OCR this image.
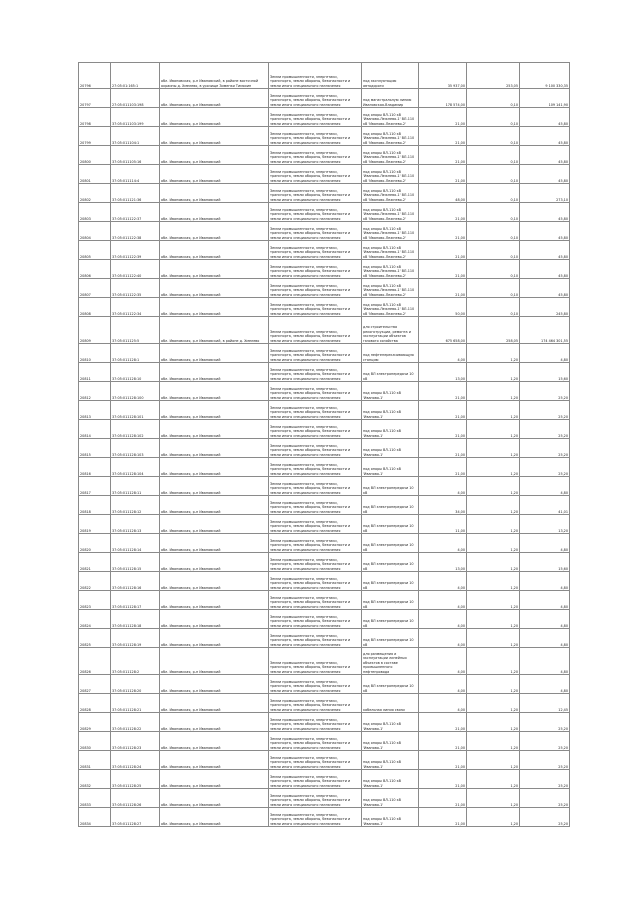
20796	27:05:01:165:1	обл. Ивановская, р-н Ивановский, в районе восточной окраины д. Хмелево, в урочище Зименки Тимохин	Земли промышленности, энергетики, транспорта, земли обороны, безопасности и земли иного специального назначения	под эксплуатацию автодороги	35 937,00	253,05	9 100 330,35
20797	27:05:011103:198	обл. Ивановская, р-н Ивановский	Земли промышленности, энергетики, транспорта, земли обороны, безопасности и земли иного специального назначения	под магистральную линию Ивановская-Владимир	178 574,00	0,10	109 141,90
20798	37:05:011103:199	обл. Ивановская, р-н Ивановский	Земли промышленности, энергетики, транспорта, земли обороны, безопасности и земли иного специального назначения	под опоры ВЛ-110 кВ 'Иваново-Лежнево-1' ВЛ-110 кВ 'Иваново-Лежнево-2'	21,00	0,10	45,80
20799	37:05:011104:1	обл. Ивановская, р-н Ивановский	Земли промышленности, энергетики, транспорта, земли обороны, безопасности и земли иного специального назначения	под опоры ВЛ-110 кВ 'Иваново-Лежнево-1' ВЛ-110 кВ 'Иваново-Лежнево-2'	21,00	0,10	45,80
20800	37:05:011105:16	обл. Ивановская, р-н Ивановский	Земли промышленности, энергетики, транспорта, земли обороны, безопасности и земли иного специального назначения	под опоры ВЛ-110 кВ 'Иваново-Лежнево-1' ВЛ-110 кВ 'Иваново-Лежнево-2'	21,00	0,10	45,80
20801	37:05:011114:4	обл. Ивановская, р-н Ивановский	Земли промышленности, энергетики, транспорта, земли обороны, безопасности и земли иного специального назначения	под опоры ВЛ-110 кВ 'Иваново-Лежнево-1' ВЛ-110 кВ 'Иваново-Лежнево-2'	21,00	0,10	45,80
20802	37:05:011121:36	обл. Ивановская, р-н Ивановский	Земли промышленности, энергетики, транспорта, земли обороны, безопасности и земли иного специального назначения	под опоры ВЛ-110 кВ 'Иваново-Лежнево-1' ВЛ-110 кВ 'Иваново-Лежнево-2'	48,00	0,10	273,10
20803	37:05:011122:37	обл. Ивановская, р-н Ивановский	Земли промышленности, энергетики, транспорта, земли обороны, безопасности и земли иного специального назначения	под опоры ВЛ-110 кВ 'Иваново-Лежнево-1' ВЛ-110 кВ 'Иваново-Лежнево-2'	21,00	0,10	45,80
20804	37:05:011122:38	обл. Ивановская, р-н Ивановский	Земли промышленности, энергетики, транспорта, земли обороны, безопасности и земли иного специального назначения	под опоры ВЛ-110 кВ 'Иваново-Лежнево-1' ВЛ-110 кВ 'Иваново-Лежнево-2'	21,00	0,10	45,80
20805	37:05:011122:39	обл. Ивановская, р-н Ивановский	Земли промышленности, энергетики, транспорта, земли обороны, безопасности и земли иного специального назначения	под опоры ВЛ-110 кВ 'Иваново-Лежнево-1' ВЛ-110 кВ 'Иваново-Лежнево-2'	21,00	0,10	45,80
20806	37:05:011122:40	обл. Ивановская, р-н Ивановский	Земли промышленности, энергетики, транспорта, земли обороны, безопасности и земли иного специального назначения	под опоры ВЛ-110 кВ 'Иваново-Лежнево-1' ВЛ-110 кВ 'Иваново-Лежнево-2'	21,00	0,10	45,80
20807	37:05:011122:35	обл. Ивановская, р-н Ивановский	Земли промышленности, энергетики, транспорта, земли обороны, безопасности и земли иного специального назначения	под опоры ВЛ-110 кВ 'Иваново-Лежнево-1' ВЛ-110 кВ 'Иваново-Лежнево-2'	21,00	0,10	45,80
20808	37:05:011122:34	обл. Ивановская, р-н Ивановский	Земли промышленности, энергетики, транспорта, земли обороны, безопасности и земли иного специального назначения	под опоры ВЛ-110 кВ 'Иваново-Лежнево-1' ВЛ-110 кВ 'Иваново-Лежнево-2'	50,00	0,10	245,80
20809	37:05:011125:5	обл. Ивановская, р-н Ивановский, в районе д. Хмелево	Земли промышленности, энергетики, транспорта, земли обороны, безопасности и земли иного специального назначения	для строительства реконструкции, ремонта и эксплуатации объектов газового хозяйства	675 658,00	258,05	174 464 301,55
20810	37:05:011128:1	обл. Ивановская, р-н Ивановский	Земли промышленности, энергетики, транспорта, земли обороны, безопасности и земли иного специального назначения	под нефтеперекачивающую станцию	4,00	1,20	4,80
20811	37:05:011128:10	обл. Ивановская, р-н Ивановский	Земли промышленности, энергетики, транспорта, земли обороны, безопасности и земли иного специального назначения	под ВЛ электропередачи 10 кВ	13,00	1,20	15,60
20812	37:05:011128:100	обл. Ивановская, р-н Ивановский	Земли промышленности, энергетики, транспорта, земли обороны, безопасности и земли иного специального назначения	под опоры ВЛ-110 кВ 'Иваново-1'	21,00	1,20	25,20
20813	37:05:011128:101	обл. Ивановская, р-н Ивановский	Земли промышленности, энергетики, транспорта, земли обороны, безопасности и земли иного специального назначения	под опоры ВЛ-110 кВ 'Иваново-1'	21,00	1,20	25,20
20814	37:05:011128:102	обл. Ивановская, р-н Ивановский	Земли промышленности, энергетики, транспорта, земли обороны, безопасности и земли иного специального назначения	под опоры ВЛ-110 кВ 'Иваново-1'	21,00	1,20	25,20
20815	37:05:011128:103	обл. Ивановская, р-н Ивановский	Земли промышленности, энергетики, транспорта, земли обороны, безопасности и земли иного специального назначения	под опоры ВЛ-110 кВ 'Иваново-1'	21,00	1,20	25,20
20816	37:05:011128:104	обл. Ивановская, р-н Ивановский	Земли промышленности, энергетики, транспорта, земли обороны, безопасности и земли иного специального назначения	под опоры ВЛ-110 кВ 'Иваново-1'	21,00	1,20	25,20
20817	37:05:011128:11	обл. Ивановская, р-н Ивановский	Земли промышленности, энергетики, транспорта, земли обороны, безопасности и земли иного специального назначения	под ВЛ электропередачи 10 кВ	4,00	1,20	4,80
20818	37:05:011128:12	обл. Ивановская, р-н Ивановский	Земли промышленности, энергетики, транспорта, земли обороны, безопасности и земли иного специального назначения	под ВЛ электропередачи 10 кВ	34,00	1,20	41,01
20819	37:05:011128:13	обл. Ивановская, р-н Ивановский	Земли промышленности, энергетики, транспорта, земли обороны, безопасности и земли иного специального назначения	под ВЛ электропередачи 10 кВ	11,00	1,20	13,20
20820	37:05:011128:14	обл. Ивановская, р-н Ивановский	Земли промышленности, энергетики, транспорта, земли обороны, безопасности и земли иного специального назначения	под ВЛ электропередачи 10 кВ	4,00	1,20	4,80
20821	37:05:011128:15	обл. Ивановская, р-н Ивановский	Земли промышленности, энергетики, транспорта, земли обороны, безопасности и земли иного специального назначения	под ВЛ электропередачи 10 кВ	13,00	1,20	15,60
20822	37:05:011128:16	обл. Ивановская, р-н Ивановский	Земли промышленности, энергетики, транспорта, земли обороны, безопасности и земли иного специального назначения	под ВЛ электропередачи 10 кВ	4,00	1,20	4,80
20823	37:05:011128:17	обл. Ивановская, р-н Ивановский	Земли промышленности, энергетики, транспорта, земли обороны, безопасности и земли иного специального назначения	под ВЛ электропередачи 10 кВ	4,00	1,20	4,80
20824	37:05:011128:18	обл. Ивановская, р-н Ивановский	Земли промышленности, энергетики, транспорта, земли обороны, безопасности и земли иного специального назначения	под ВЛ электропередачи 10 кВ	4,00	1,20	4,80
20825	37:05:011128:19	обл. Ивановская, р-н Ивановский	Земли промышленности, энергетики, транспорта, земли обороны, безопасности и земли иного специального назначения	под ВЛ электропередачи 10 кВ	4,00	1,20	4,80
20826	37:05:011128:2	обл. Ивановская, р-н Ивановский	Земли промышленности, энергетики, транспорта, земли обороны, безопасности и земли иного специального назначения	для размещения и эксплуатации линейных объектов в составе промышленного нефтепровода	4,00	1,20	4,80
20827	37:05:011128:20	обл. Ивановская, р-н Ивановский	Земли промышленности, энергетики, транспорта, земли обороны, безопасности и земли иного специального назначения	под ВЛ электропередачи 10 кВ	4,00	1,20	4,80
20828	37:05:011128:21	обл. Ивановская, р-н Ивановский	Земли промышленности, энергетики, транспорта, земли обороны, безопасности и земли иного специального назначения	кабельная линия связи	4,00	1,20	12,45
20829	37:05:011128:22	обл. Ивановская, р-н Ивановский	Земли промышленности, энергетики, транспорта, земли обороны, безопасности и земли иного специального назначения	под опоры ВЛ-110 кВ 'Иваново-1'	21,00	1,20	25,20
20830	37:05:011128:23	обл. Ивановская, р-н Ивановский	Земли промышленности, энергетики, транспорта, земли обороны, безопасности и земли иного специального назначения	под опоры ВЛ-110 кВ 'Иваново-1'	21,00	1,20	25,20
20831	37:05:011128:24	обл. Ивановская, р-н Ивановский	Земли промышленности, энергетики, транспорта, земли обороны, безопасности и земли иного специального назначения	под опоры ВЛ-110 кВ 'Иваново-1'	21,00	1,20	25,20
20832	37:05:011128:25	обл. Ивановская, р-н Ивановский	Земли промышленности, энергетики, транспорта, земли обороны, безопасности и земли иного специального назначения	под опоры ВЛ-110 кВ 'Иваново-1'	21,00	1,20	25,20
20833	37:05:011128:26	обл. Ивановская, р-н Ивановский	Земли промышленности, энергетики, транспорта, земли обороны, безопасности и земли иного специального назначения	под опоры ВЛ-110 кВ 'Иваново-1'	21,00	1,20	25,20
20834	37:05:011128:27	обл. Ивановская, р-н Ивановский	Земли промышленности, энергетики, транспорта, земли обороны, безопасности и земли иного специального назначения	под опоры ВЛ-110 кВ 'Иваново-1'	21,00	1,20	25,20
